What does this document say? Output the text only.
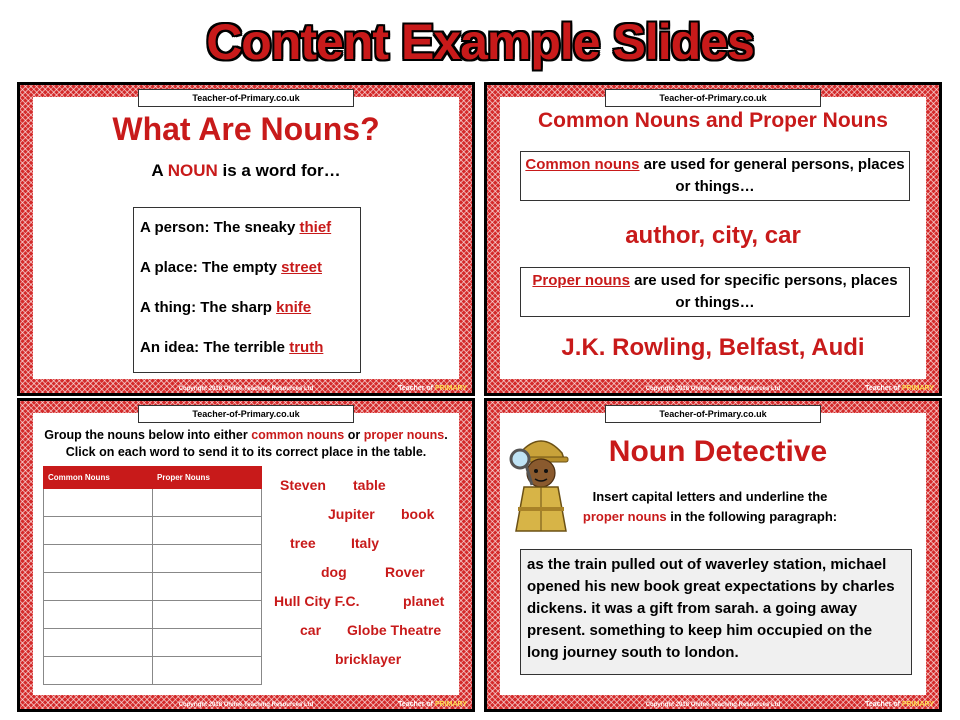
Content Example Slides
Teacher-of-Primary.co.uk
What Are Nouns?
A NOUN is a word for…
A person: The sneaky thief
A place: The empty street
A thing: The sharp knife
An idea: The terrible truth
Copyright 2018 Online Teaching Resources Ltd	Teacher of PRIMARY
Teacher-of-Primary.co.uk
Common Nouns and Proper Nouns
Common nouns are used for general persons, places or things…
author, city, car
Proper nouns are used for specific persons, places or things…
J.K. Rowling, Belfast, Audi
Copyright 2018 Online Teaching Resources Ltd	Teacher of PRIMARY
Teacher-of-Primary.co.uk
Group the nouns below into either common nouns or proper nouns.
Click on each word to send it to its correct place in the table.
Common Nouns	Proper Nouns

		Steven table
Jupiter book
tree	Italy
dog	Rover
Hull City F.C.	planet
car Globe Theatre
bricklayer
Copyright 2018 Online Teaching Resources Ltd	Teacher of PRIMARY
Teacher-of-Primary.co.uk
Noun Detective
Insert capital letters and underline the
proper nouns in the following paragraph:
as the train pulled out of waverley station, michael opened his new book great expectations by charles dickens. it was a gift from sarah. a going away present. something to keep him occupied on the long journey south to london.
Copyright 2018 Online Teaching Resources Ltd	Teacher of PRIMARY
